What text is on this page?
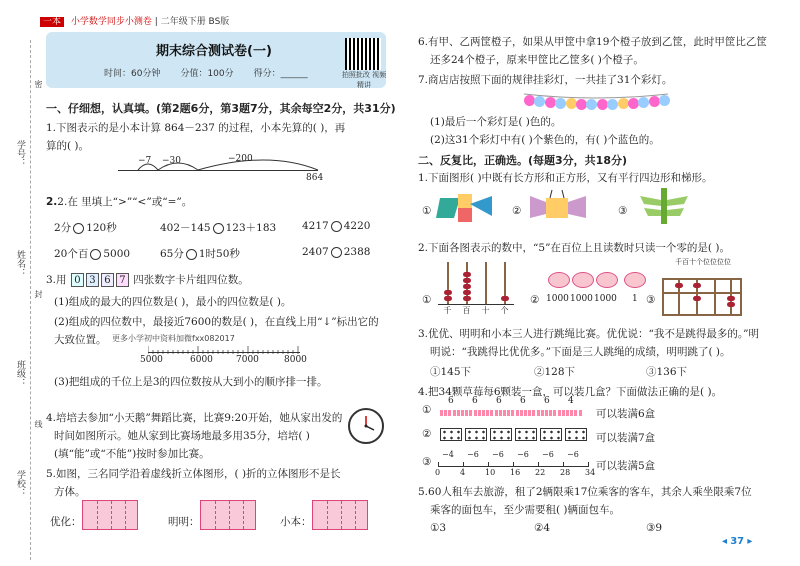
学号：
姓名：
班级：
学校：
密
封
线
一本 小学数学同步小测卷 | 二年级下册 BS版
期末综合测试卷(一)
时间：60分钟 分值：100分 得分：______	拍照批改 视频精讲
一、仔细想，认真填。(第2题6分，第3题7分，其余每空2分，共31分)
1.下图表示的是小本计算 864－237 的过程，小本先算的( )，再
算的( )。
−7 −30	−200
864
2.2.在 里填上“>”“<”或“=”。
2分 120秒	402－145 123＋183 4217 4220
20个百 5000	65分 1时50秒	2407 2388
3.用 0 3 6 7 四张数字卡片组四位数。
(1)组成的最大的四位数是( )，最小的四位数是( )。
(2)组成的四位数中，最接近7600的数是( )，在直线上用“↓”标出它的
大致位置。 更多小学初中资料加微fxx082017
5000	6000	7000	8000
(3)把组成的千位上是3的四位数按从大到小的顺序排一排。
4.培培去参加“小天鹅”舞蹈比赛，比赛9:20开始，她从家出发的
时间如图所示。她从家到比赛场地最多用35分，培培( )
(填“能”或“不能”)按时参加比赛。
5.如图，三名同学沿着虚线折立体图形，( )折的立体图形不是长
方体。
优化：	明明：	小本：
6.有甲、乙两筐橙子，如果从甲筐中拿19个橙子放到乙筐，此时甲筐比乙筐
还多24个橙子，原来甲筐比乙筐多( )个橙子。
7.商店店按照下面的规律挂彩灯，一共挂了31个彩灯。
(1)最后一个彩灯是( )色的。
(2)这31个彩灯中有( )个紫色的，有( )个蓝色的。
二、反复比，正确选。(每题3分，共18分)
1.下面图形( )中既有长方形和正方形，又有平行四边形和梯形。
①	②	③
2.下面各图表示的数中，“5”在百位上且读数时只读一个零的是( )。
①
千 百 十 个
② 1000 1000 1000 1 ③
千百十个位位位位
3.优优、明明和小本三人进行跳绳比赛。优优说：“我不是跳得最多的。”明
明说：“我跳得比优优多。”下面是三人跳绳的成绩，明明跳了( )。
①145下	②128下	③136下
4.把34颗草莓每6颗装一盒，可以装几盒？下面做法正确的是( )。
①
6 6 6 6 6 4
可以装满6盒
②	可以装满7盒
③
0 4 10 16 22 28 34
−4 −6 −6 −6 −6 −6
可以装满5盒
5.60人租车去旅游，租了2辆限乘17位乘客的客车，其余人乘坐限乘7位
乘客的面包车，至少需要租( )辆面包车。
①3	②4	③9
◂ 37 ▸
